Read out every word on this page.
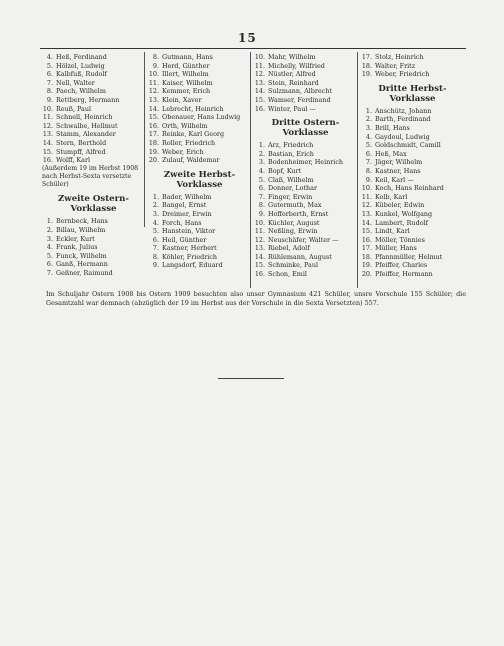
15
4. Heß, Ferdinand
5. Hölzel, Ludwig
6. Kalbfuß, Rudolf
7. Nell, Walter
8. Paech, Wilhelm
9. Rettberg, Hermann
10. Reuß, Paul
11. Schnell, Heinrich
12. Schwalbe, Hellmut
13. Stamm, Alexander
14. Stern, Berthold
15. Stumpff, Alfred
16. Wolff, Karl
(Außerdem 19 im Herbst 1908 nach Herbst-Sexta versetzte Schüler)
Zweite Ostern-Vorklasse
1. Bernbeck, Hans
2. Billau, Wilhelm
3. Eckler, Kurt
4. Frank, Julius
5. Funck, Wilhelm
6. Ganß, Hermann
7. Geßner, Raimund
8. Gutmann, Hans
9. Herd, Günther
10. Illert, Wilhelm
11. Kaiser, Wilhelm
12. Kemmer, Erich
13. Klein, Xaver
14. Lebrecht, Heinrich
15. Obenauer, Hans Ludwig
16. Orth, Wilhelm
17. Reinke, Karl Georg
18. Roller, Friedrich
19. Weber, Erich
20. Zulauf, Waldemar
Zweite Herbst-Vorklasse
1. Bader, Wilhelm
2. Bangel, Ernst
3. Dreimer, Erwin
4. Forch, Hans
5. Hanstein, Viktor
6. Heil, Günther
7. Kastner, Herbert
8. Köhler, Friedrich
9. Langsdorf, Eduard
10. Mahr, Wilhelm
11. Michelly, Wilfried
12. Nüstler, Alfred
13. Stein, Reinhard
14. Sulzmann, Albrecht
15. Wamser, Ferdinand
16. Winter, Paul —
Dritte Ostern-Vorklasse
1. Arz, Friedrich
2. Bastian, Erich
3. Bodenheimer, Heinrich
4. Bopf, Kurt
5. Claß, Wilhelm
6. Donner, Lothar
7. Finger, Erwin
8. Gutermuth, Max
9. Hofferberth, Ernst
10. Küchler, August
11. Neßling, Erwin
12. Neuschäfer, Walter —
13. Riebel, Adolf
14. Rühlemann, August
15. Schminke, Paul
16. Schon, Emil
17. Stolz, Heinrich
18. Walter, Fritz
19. Weber, Friedrich
Dritte Herbst-Vorklasse
1. Anschütz, Johann
2. Barth, Ferdinand
3. Brill, Hans
4. Gaydoul, Ludwig
5. Goldschmidt, Camill
6. Heß, Max
7. Jäger, Wilhelm
8. Kastner, Hans
9. Keil, Karl —
10. Koch, Hans Reinhard
11. Kolb, Karl
12. Kübeler, Edwin
13. Kunkel, Wolfgang
14. Lambert, Rudolf
15. Lindt, Karl
16. Möller, Tönnies
17. Müller, Hans
18. Pfannmüller, Helmut
19. Pfeiffer, Charles
20. Pfeiffer, Hermann
Im Schuljahr Ostern 1908 bis Ostern 1909 besuchten also unser Gymnasium 421 Schüler, unsre Vorschule 155 Schüler; die Gesamtzahl war demnach (abzüglich der 19 im Herbst aus der Vorschule in die Sexta Versetzten) 557.
